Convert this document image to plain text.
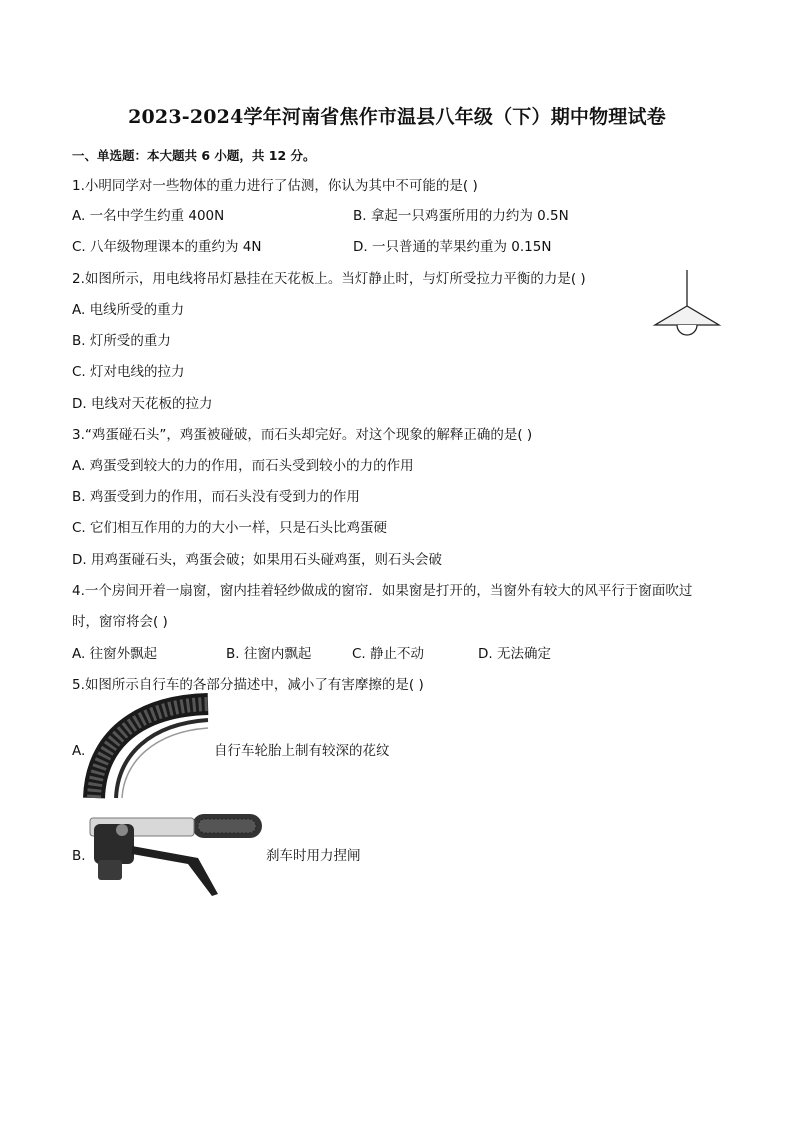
2023-2024学年河南省焦作市温县八年级（下）期中物理试卷
一、单选题：本大题共 6 小题，共 12 分。
1.小明同学对一些物体的重力进行了估测，你认为其中不可能的是( )
A. 一名中学生约重 400N	B. 拿起一只鸡蛋所用的力约为 0.5N
C. 八年级物理课本的重约为 4N	D. 一只普通的苹果约重为 0.15N
2.如图所示，用电线将吊灯悬挂在天花板上。当灯静止时，与灯所受拉力平衡的力是( )
A. 电线所受的重力
B. 灯所受的重力
C. 灯对电线的拉力
D. 电线对天花板的拉力
3.“鸡蛋碰石头”，鸡蛋被碰破，而石头却完好。对这个现象的解释正确的是( )
A. 鸡蛋受到较大的力的作用，而石头受到较小的力的作用
B. 鸡蛋受到力的作用，而石头没有受到力的作用
C. 它们相互作用的力的大小一样，只是石头比鸡蛋硬
D. 用鸡蛋碰石头，鸡蛋会破；如果用石头碰鸡蛋，则石头会破
4.一个房间开着一扇窗，窗内挂着轻纱做成的窗帘．如果窗是打开的，当窗外有较大的风平行于窗面吹过
时，窗帘将会( )
A. 往窗外飘起	B. 往窗内飘起	C. 静止不动	D. 无法确定
5.如图所示自行车的各部分描述中，减小了有害摩擦的是( )
A.	自行车轮胎上制有较深的花纹
B.	刹车时用力捏闸
